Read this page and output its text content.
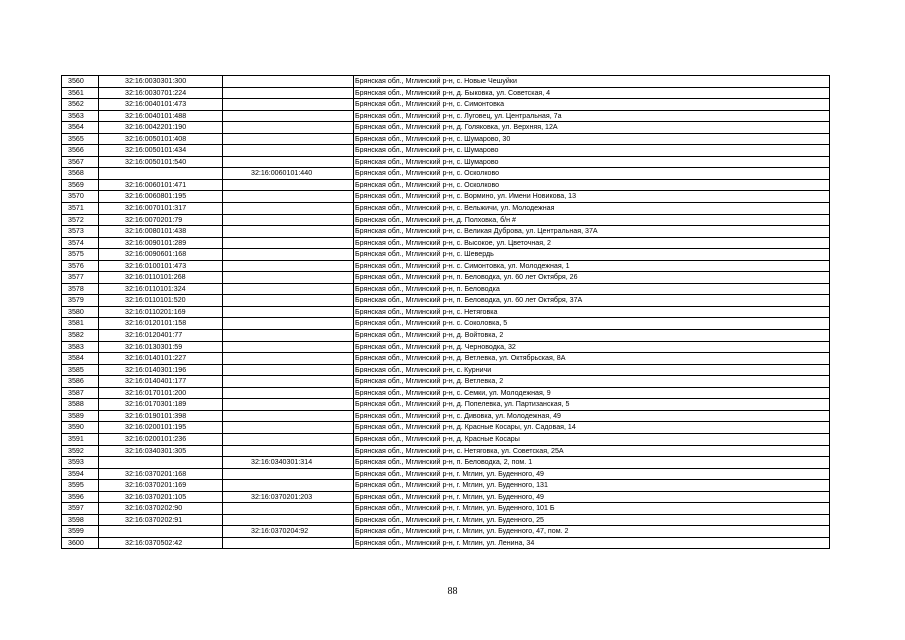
3560	32:16:0030301:300		Брянская обл., Мглинский р-н, с. Новые Чешуйки
3561	32:16:0030701:224		Брянская обл., Мглинский р-н, д. Быковка, ул. Советская, 4
3562	32:16:0040101:473		Брянская обл., Мглинский р-н, с. Симонтовка
3563	32:16:0040101:488		Брянская обл., Мглинский р-н, с. Луговец, ул. Центральная, 7а
3564	32:16:0042201:190		Брянская обл., Мглинский р-н, д. Голяковка, ул. Верхняя, 12А
3565	32:16:0050101:408		Брянская обл., Мглинский р-н, с. Шумарово, 30
3566	32:16:0050101:434		Брянская обл., Мглинский р-н, с. Шумарово
3567	32:16:0050101:540		Брянская обл., Мглинский р-н, с. Шумарово
3568		32:16:0060101:440	Брянская обл., Мглинский р-н, с. Осколково
3569	32:16:0060101:471		Брянская обл., Мглинский р-н, с. Осколково
3570	32:16:0060801:195		Брянская обл., Мглинский р-н, с. Вормино, ул. Имени Новикова, 13
3571	32:16:0070101:317		Брянская обл., Мглинский р-н, с. Вельжичи, ул. Молодежная
3572	32:16:0070201:79		Брянская обл., Мглинский р-н, д. Полховка, б/н #
3573	32:16:0080101:438		Брянская обл., Мглинский р-н, с. Великая Дуброва, ул. Центральная, 37А
3574	32:16:0090101:289		Брянская обл., Мглинский р-н, с. Высокое, ул. Цветочная, 2
3575	32:16:0090601:168		Брянская обл., Мглинский р-н, с. Шевердь
3576	32:16:0100101:473		Брянская обл., Мглинский р-н. с. Симонтовка, ул. Молодежная, 1
3577	32:16:0110101:268		Брянская обл., Мглинский р-н, п. Беловодка, ул. 60 лет Октября, 26
3578	32:16:0110101:324		Брянская обл., Мглинский р-н, п. Беловодка
3579	32:16:0110101:520		Брянская обл., Мглинский р-н, п. Беловодка, ул. 60 лет Октября, 37А
3580	32:16:0110201:169		Брянская обл., Мглинский р-н, с. Нетяговка
3581	32:16:0120101:158		Брянская обл., Мглинский р-н. с. Соколовка, 5
3582	32:16:0120401:77		Брянская обл., Мглинский р-н, д. Войтовка, 2
3583	32:16:0130301:59		Брянская обл., Мглинский р-н, д. Черноводка, 32
3584	32:16:0140101:227		Брянская обл., Мглинский р-н, д. Ветлевка, ул. Октябрьская, 8А
3585	32:16:0140301:196		Брянская обл., Мглинский р-н, с. Курничи
3586	32:16:0140401:177		Брянская обл., Мглинский р-н, д. Ветлевка, 2
3587	32:16:0170101:200		Брянская обл., Мглинский р-н, с. Семки, ул. Молодежная, 9
3588	32:16:0170301:189		Брянская обл., Мглинский р-н, д. Попелевка, ул. Партизанская, 5
3589	32:16:0190101:398		Брянская обл., Мглинский р-н, с. Дивовка, ул. Молодежная, 49
3590	32:16:0200101:195		Брянская обл., Мглинский р-н, д. Красные Косары, ул. Садовая, 14
3591	32:16:0200101:236		Брянская обл., Мглинский р-н, д. Красные Косары
3592	32:16:0340301:305		Брянская обл., Мглинский р-н, с. Нетяговка, ул. Советская, 25А
3593		32:16:0340301:314	Брянская обл., Мглинский р-н, п. Беловодка, 2, пом. 1
3594	32:16:0370201:168		Брянская обл., Мглинский р-н, г. Мглин, ул. Буденного, 49
3595	32:16:0370201:169		Брянская обл., Мглинский р-н, г. Мглин, ул. Буденного, 131
3596	32:16:0370201:105	32:16:0370201:203	Брянская обл., Мглинский р-н, г. Мглин, ул. Буденного, 49
3597	32:16:0370202:90		Брянская обл., Мглинский р-н, г. Мглин, ул. Буденного, 101 Б
3598	32:16:0370202:91		Брянская обл., Мглинский р-н, г. Мглин, ул. Буденного, 25
3599		32:16:0370204:92	Брянская обл., Мглинский р-н, г. Мглин, ул. Буденного, 47, пом. 2
3600	32:16:0370502:42		Брянская обл., Мглинский р-н, г. Мглин, ул. Ленина, 34
88
